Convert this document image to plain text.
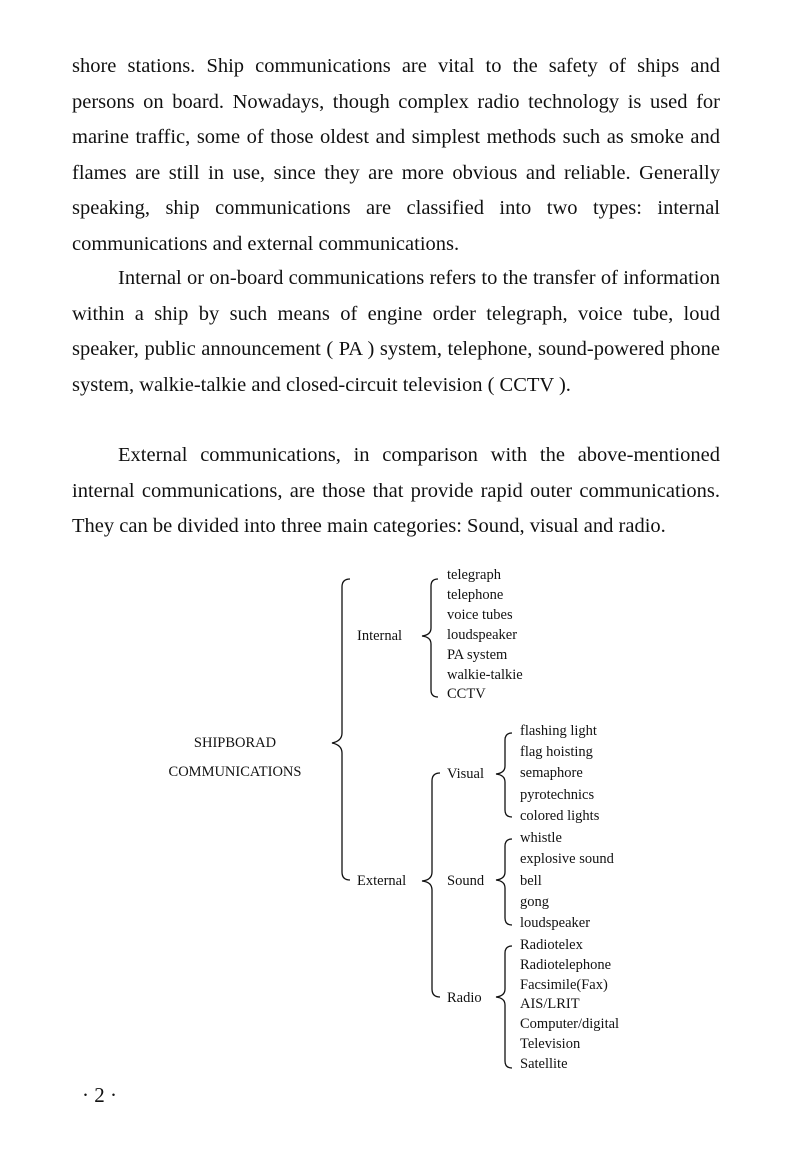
shore stations. Ship communications are vital to the safety of ships and persons on board. Nowadays, though complex radio technology is used for marine traffic, some of those oldest and simplest methods such as smoke and flames are still in use, since they are more obvious and reliable. Generally speaking, ship communications are classified into two types: internal communications and external communications.

Internal or on-board communications refers to the transfer of information within a ship by such means of engine order telegraph, voice tube, loud speaker, public announcement ( PA ) system, telephone, sound-powered phone system, walkie-talkie and closed-circuit television ( CCTV ).

External communications, in comparison with the above-mentioned internal communications, are those that provide rapid outer communications. They can be divided into three main categories: Sound, visual and radio.

SHIPBORAD
COMMUNICATIONS
Internal
telegraph
telephone
voice tubes
loudspeaker
PA system
walkie-talkie
CCTV
External
Visual
flashing light
flag hoisting
semaphore
pyrotechnics
colored lights
Sound
whistle
explosive sound
bell
gong
loudspeaker
Radio
Radiotelex
Radiotelephone
Facsimile(Fax)
AIS/LRIT
Computer/digital
Television
Satellite
· 2 ·
